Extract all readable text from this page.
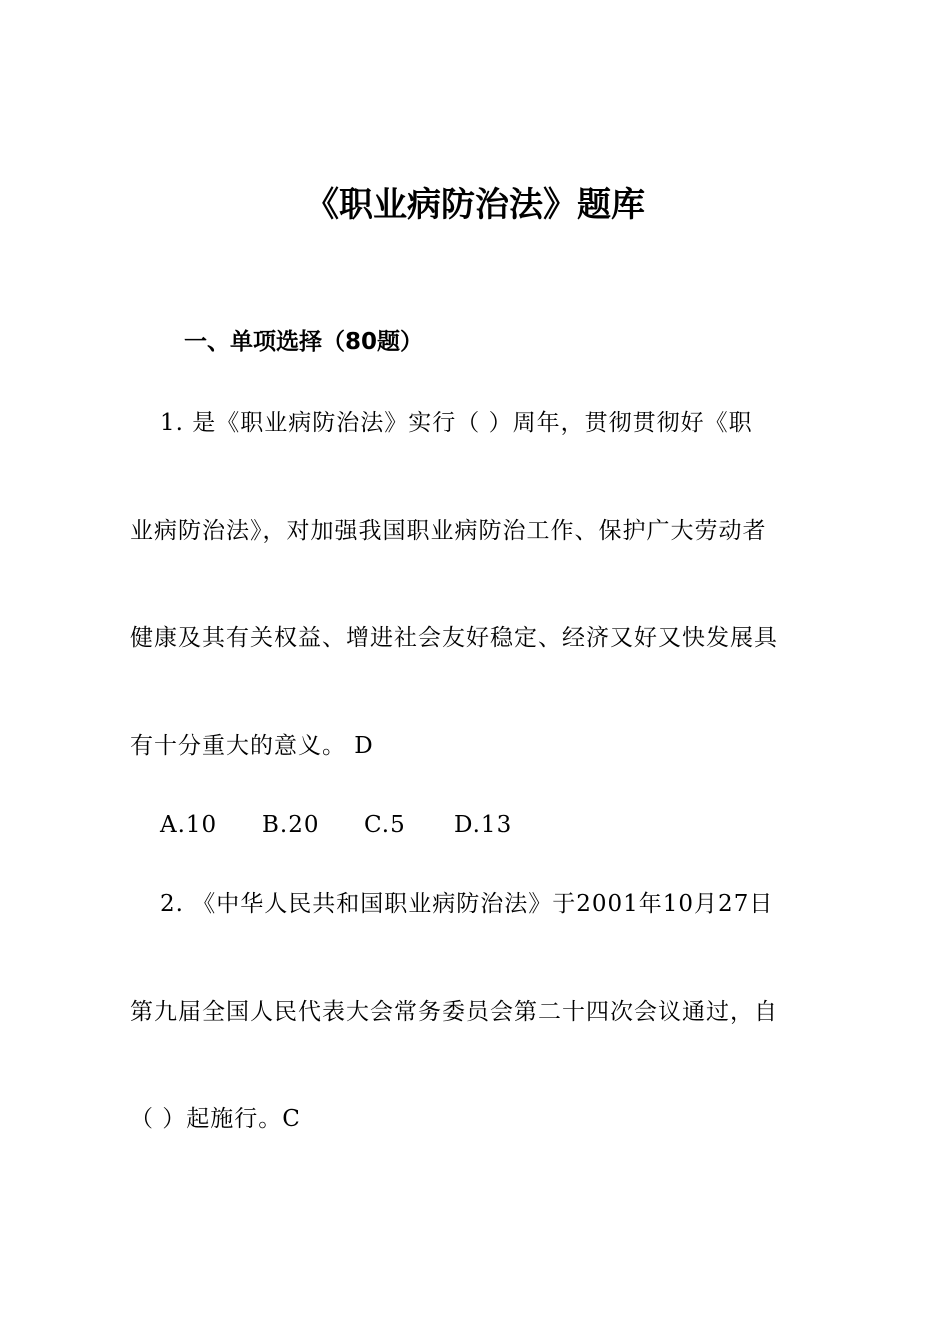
《职业病防治法》题库
一、单项选择（80题）
1. 是《职业病防治法》实行（ ）周年，贯彻贯彻好《职
业病防治法》，对加强我国职业病防治工作、保护广大劳动者
健康及其有关权益、增进社会友好稳定、经济又好又快发展具
有十分重大的意义。 D
A.10 B.20 C.5 D.13
2. 《中华人民共和国职业病防治法》于2001年10月27日
第九届全国人民代表大会常务委员会第二十四次会议通过，自
（ ）起施行。C
